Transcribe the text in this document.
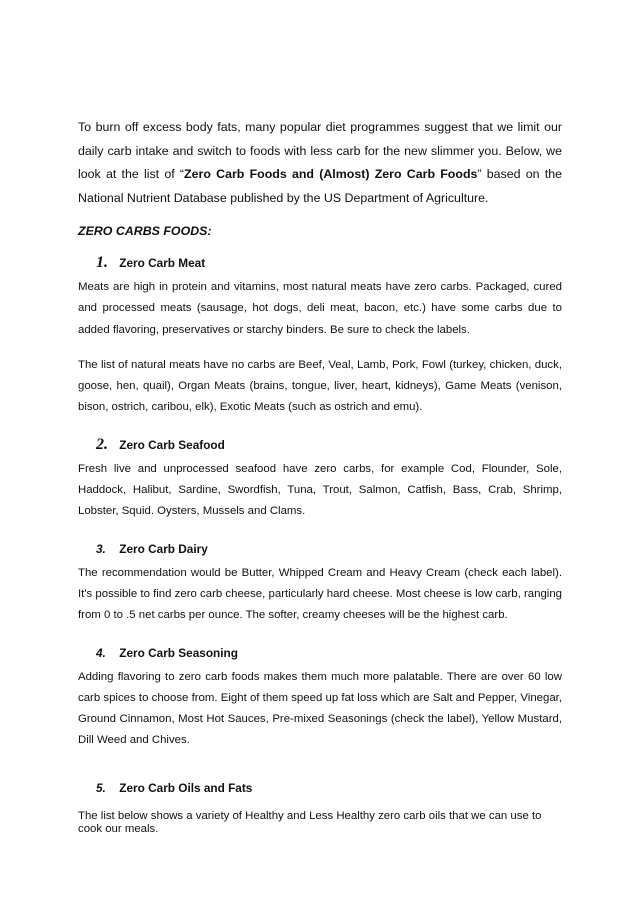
To burn off excess body fats, many popular diet programmes suggest that we limit our daily carb intake and switch to foods with less carb for the new slimmer you. Below, we look at the list of “Zero Carb Foods and (Almost) Zero Carb Foods” based on the National Nutrient Database published by the US Department of Agriculture.

ZERO CARBS FOODS:
1. Zero Carb Meat

Meats are high in protein and vitamins, most natural meats have zero carbs. Packaged, cured and processed meats (sausage, hot dogs, deli meat, bacon, etc.) have some carbs due to added flavoring, preservatives or starchy binders. Be sure to check the labels.

The list of natural meats have no carbs are Beef, Veal, Lamb, Pork, Fowl (turkey, chicken, duck, goose, hen, quail), Organ Meats (brains, tongue, liver, heart, kidneys), Game Meats (venison, bison, ostrich, caribou, elk), Exotic Meats (such as ostrich and emu).

2. Zero Carb Seafood

Fresh live and unprocessed seafood have zero carbs, for example Cod, Flounder, Sole, Haddock, Halibut, Sardine, Swordfish, Tuna, Trout, Salmon, Catfish, Bass, Crab, Shrimp, Lobster, Squid. Oysters, Mussels and Clams.

3. Zero Carb Dairy

The recommendation would be Butter, Whipped Cream and Heavy Cream (check each label). It's possible to find zero carb cheese, particularly hard cheese. Most cheese is low carb, ranging from 0 to .5 net carbs per ounce. The softer, creamy cheeses will be the highest carb.

4. Zero Carb Seasoning

Adding flavoring to zero carb foods makes them much more palatable. There are over 60 low carb spices to choose from. Eight of them speed up fat loss which are Salt and Pepper, Vinegar, Ground Cinnamon, Most Hot Sauces, Pre-mixed Seasonings (check the label), Yellow Mustard, Dill Weed and Chives.

5. Zero Carb Oils and Fats

The list below shows a variety of Healthy and Less Healthy zero carb oils that we can use to cook our meals.
